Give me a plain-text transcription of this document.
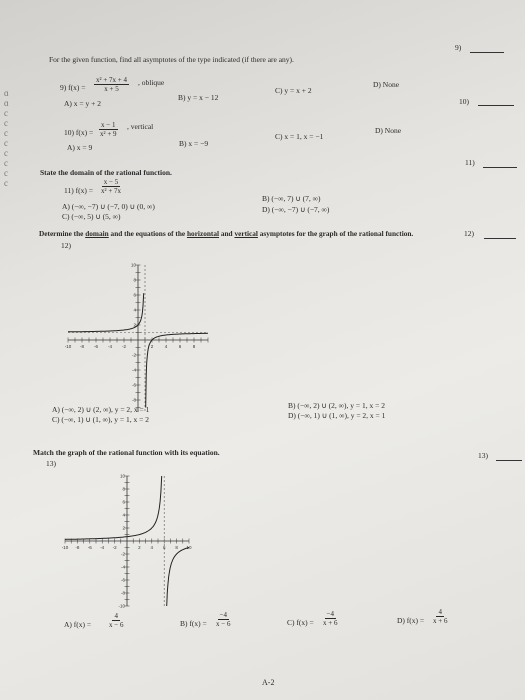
ɑ
ɑ
c
c
c
c
c
c
c
c
For the given function, find all asymptotes of the type indicated (if there are any).
9)
9) $f(x) = \frac{\text{x² + 7x + 4}}{x + 5}$ , oblique
A) x = y + 2
B) y = x − 12
C) y = x + 2
D) None
10)
10) $f(x) = \frac{x - 1}{\text{x² + 9}}$ , vertical
A) x = 9	B) x = −9
C) x = 1, x = −1
D) None
State the domain of the rational function.
11)
11) $f(x) = \frac{x - 5}{\text{x² + 7x}}$
A) (−∞, −7) ∪ (−7, 0) ∪ (0, ∞)
C) (−∞, 5) ∪ (5, ∞)
B) (−∞, 7) ∪ (7, ∞)
D) (−∞, −7) ∪ (−7, ∞)
Determine the domain and the equations of the horizontal and vertical asymptotes for the graph of the rational function.
12)
12)
-10 -8 -6 -4 -2	2	4	6	8
10
8
6
4
2
-2
-4
-6
-8
A) (−∞, 2) ∪ (2, ∞), y = 2, x = 1
C) (−∞, 1) ∪ (1, ∞), y = 1, x = 2
B) (−∞, 2) ∪ (2, ∞), y = 1, x = 2
D) (−∞, 1) ∪ (1, ∞), y = 2, x = 1
Match the graph of the rational function with its equation.
13)
13)
-10 -8 -6 -4 -2	2 4 6 8 10
10
8
6
4
2
-2
-4
-6
-8
-10
A) $f(x) = \frac{4}{x - 6}$	B) $f(x) = \frac{-4}{x - 6}$	C) $f(x) = \frac{-4}{x + 6}$	D) $f(x) = \frac{4}{x + 6}$
A-2
